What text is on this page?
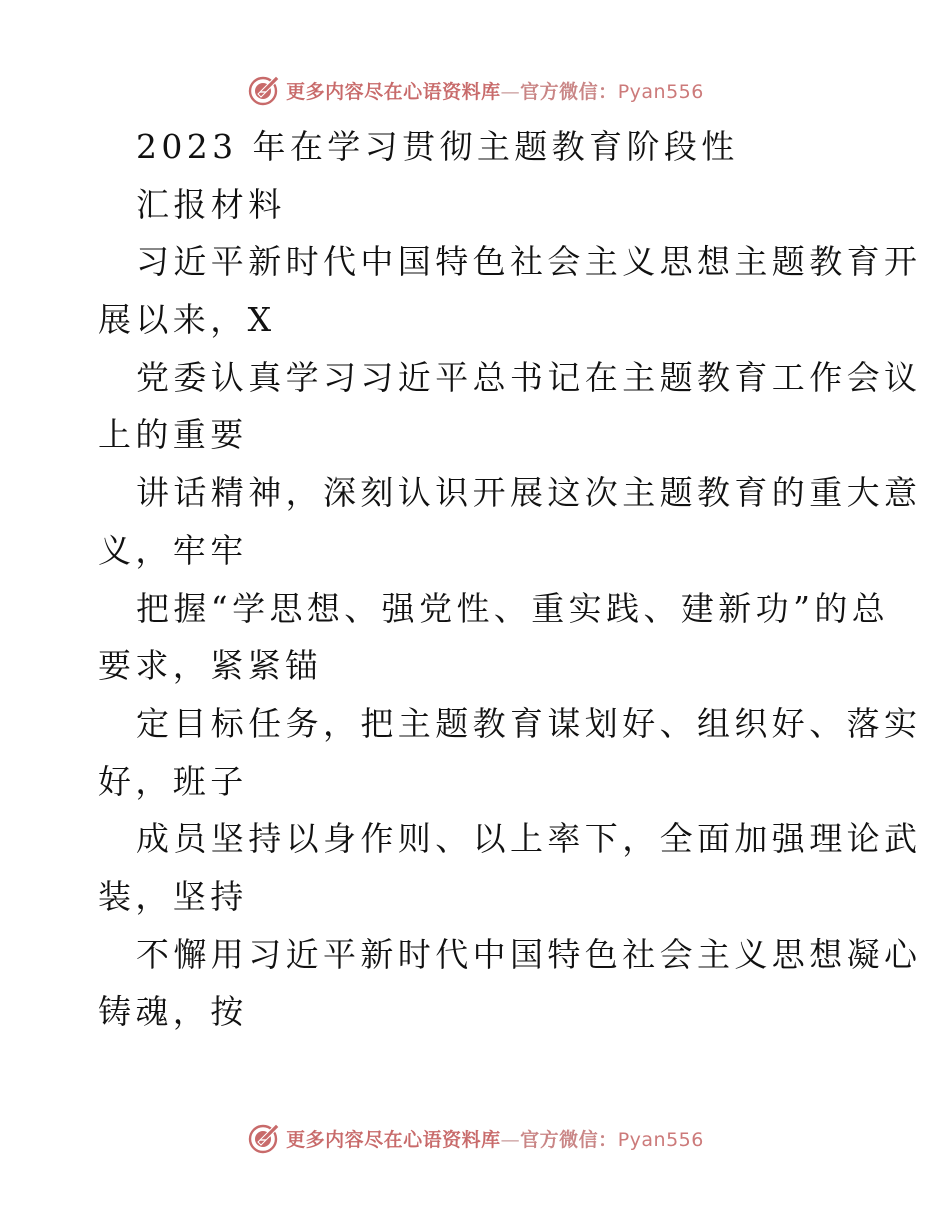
更多内容尽在心语资料库—官方微信：Pyan556
2023 年在学习贯彻主题教育阶段性
汇报材料
习近平新时代中国特色社会主义思想主题教育开
展以来，X
党委认真学习习近平总书记在主题教育工作会议
上的重要
讲话精神，深刻认识开展这次主题教育的重大意
义，牢牢
把握“学思想、强党性、重实践、建新功”的总
要求，紧紧锚
定目标任务，把主题教育谋划好、组织好、落实
好，班子
成员坚持以身作则、以上率下，全面加强理论武
装，坚持
不懈用习近平新时代中国特色社会主义思想凝心
铸魂，按
更多内容尽在心语资料库—官方微信：Pyan556
